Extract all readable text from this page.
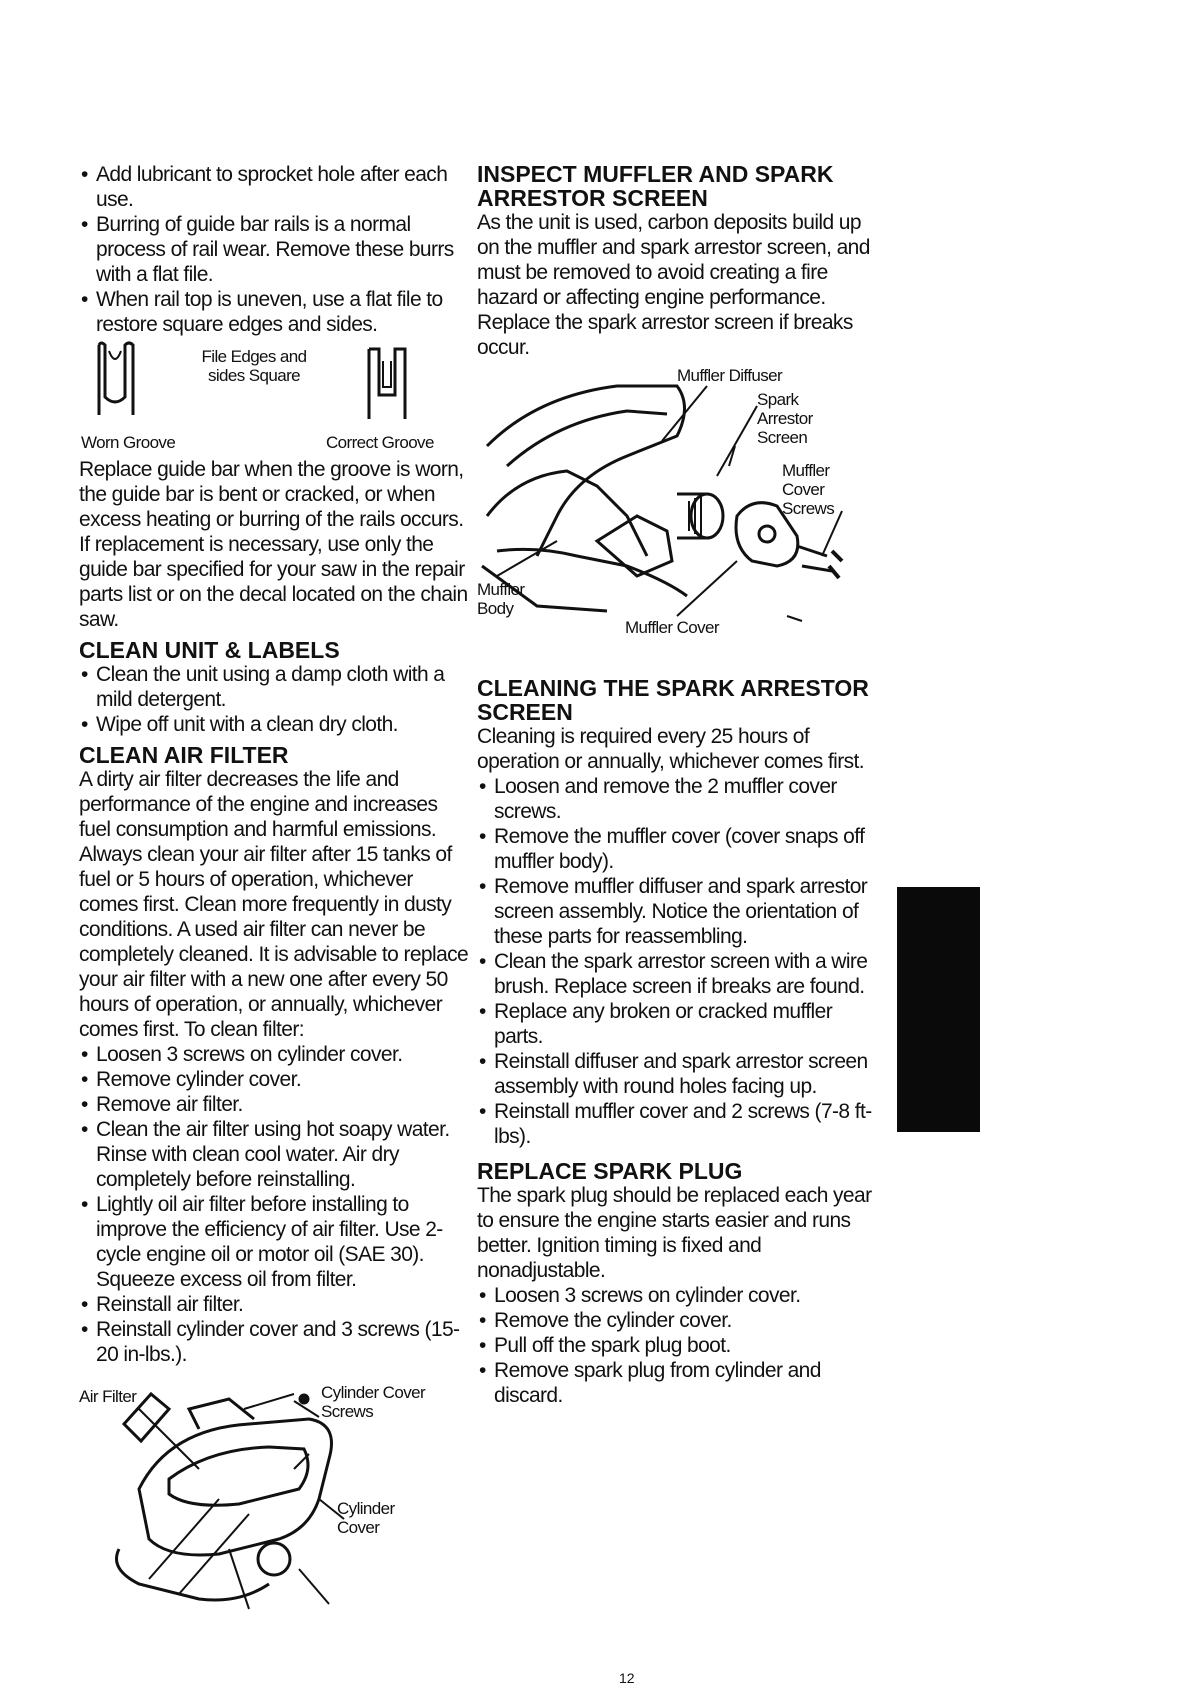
• Add lubricant to sprocket hole after each use.
• Burring of guide bar rails is a normal process of rail wear. Remove these burrs with a flat file.
• When rail top is uneven, use a flat file to restore square edges and sides.
File Edges and sides Square
Worn Groove	Correct Groove

Replace guide bar when the groove is worn, the guide bar is bent or cracked, or when excess heating or burring of the rails occurs. If replacement is necessary, use only the guide bar specified for your saw in the repair parts list or on the decal located on the chain saw.

CLEAN UNIT & LABELS
• Clean the unit using a damp cloth with a mild detergent.
• Wipe off unit with a clean dry cloth.
CLEAN AIR FILTER

A dirty air filter decreases the life and performance of the engine and increases fuel consumption and harmful emissions. Always clean your air filter after 15 tanks of fuel or 5 hours of operation, whichever comes first. Clean more frequently in dusty conditions. A used air filter can never be completely cleaned. It is advisable to replace your air filter with a new one after every 50 hours of operation, or annually, whichever comes first. To clean filter:

• Loosen 3 screws on cylinder cover.
• Remove cylinder cover.
• Remove air filter.
• Clean the air filter using hot soapy water. Rinse with clean cool water. Air dry completely before reinstalling.
• Lightly oil air filter before installing to improve the efficiency of air filter. Use 2-cycle engine oil or motor oil (SAE 30). Squeeze excess oil from filter.
• Reinstall air filter.
• Reinstall cylinder cover and 3 screws (15-20 in-lbs.).
Air Filter	Cylinder Cover Screws
Cylinder Cover
INSPECT MUFFLER AND SPARK ARRESTOR SCREEN

As the unit is used, carbon deposits build up on the muffler and spark arrestor screen, and must be removed to avoid creating a fire hazard or affecting engine performance.

Replace the spark arrestor screen if breaks occur.

Muffler Diffuser
Spark Arrestor Screen
Muffler Cover Screws
Muffler Body
Muffler Cover
CLEANING THE SPARK ARRESTOR SCREEN

Cleaning is required every 25 hours of operation or annually, whichever comes first.

• Loosen and remove the 2 muffler cover screws.
• Remove the muffler cover (cover snaps off muffler body).
• Remove muffler diffuser and spark arrestor screen assembly. Notice the orientation of these parts for reassembling.
• Clean the spark arrestor screen with a wire brush. Replace screen if breaks are found.
• Replace any broken or cracked muffler parts.
• Reinstall diffuser and spark arrestor screen assembly with round holes facing up.
• Reinstall muffler cover and 2 screws (7-8 ft-lbs).
REPLACE SPARK PLUG

The spark plug should be replaced each year to ensure the engine starts easier and runs better. Ignition timing is fixed and nonadjustable.

• Loosen 3 screws on cylinder cover.
• Remove the cylinder cover.
• Pull off the spark plug boot.
• Remove spark plug from cylinder and discard.
12
